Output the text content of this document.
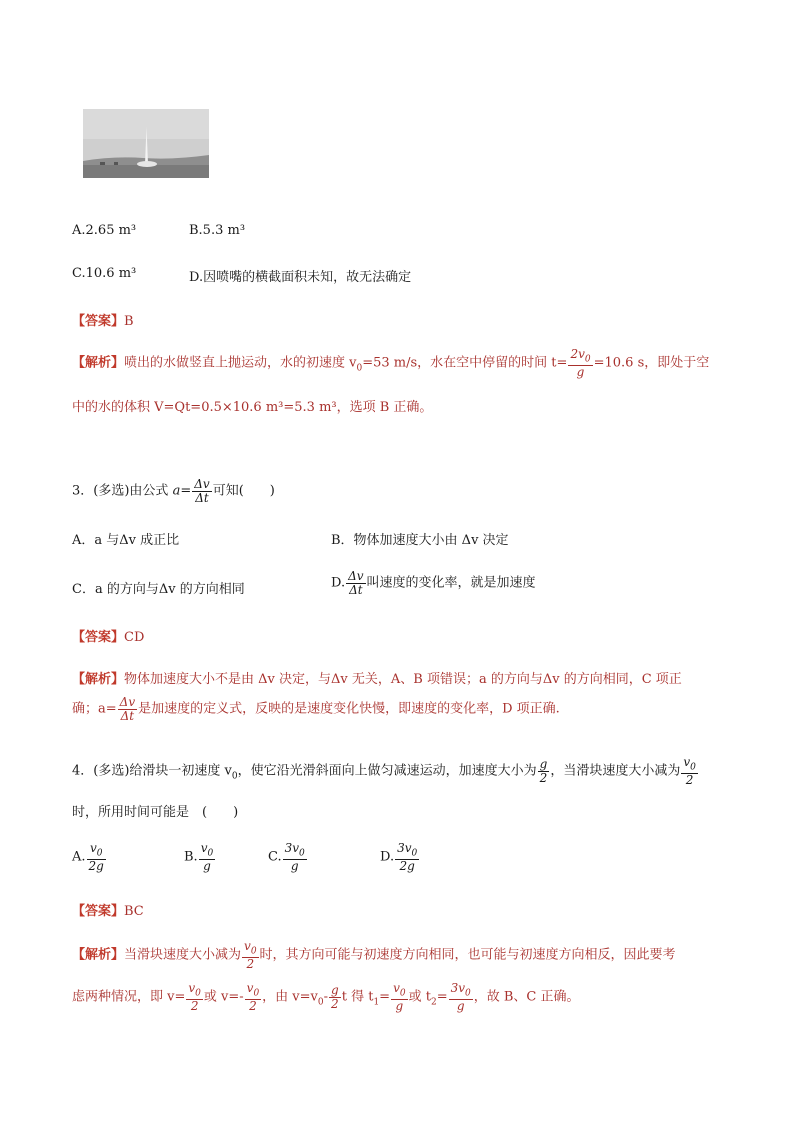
A.2.65 m³	B.5.3 m³
C.10.6 m³	D.因喷嘴的横截面积未知，故无法确定
【答案】B
【解析】喷出的水做竖直上抛运动，水的初速度 $v_0=53$ m/s，水在空中停留的时间 $t= \frac{2v_0}{g} =10.6$ s，即处于空
中的水的体积 V=Qt=0.5×10.6 m³=5.3 m³，选项 B 正确。
3．(多选)由公式 $a= \frac{\Delta v}{\Delta t}$ 可知(　　)
A．a 与Δv 成正比	B．物体加速度大小由 Δv 决定
C．a 的方向与Δv 的方向相同	D. $\frac{\Delta v}{\Delta t}$ 叫速度的变化率，就是加速度
【答案】CD
【解析】物体加速度大小不是由 Δv 决定，与Δv 无关，A、B 项错误；a 的方向与Δv 的方向相同，C 项正
确；$a= \frac{\Delta v}{\Delta t}$ 是加速度的定义式，反映的是速度变化快慢，即速度的变化率，D 项正确.
4．(多选)给滑块一初速度 $v_0$，使它沿光滑斜面向上做匀减速运动，加速度大小为 $\frac{g}{2}$ ，当滑块速度大小减为 $\frac{v_0}{2}$
时，所用时间可能是　(　　)
A. $\frac{v_0}{2g}$	B. $\frac{v_0}{g}$	C. $\frac{3v_0}{g}$	D. $\frac{3v_0}{2g}$
【答案】BC
【解析】当滑块速度大小减为 $\frac{v_0}{2}$ 时，其方向可能与初速度方向相同，也可能与初速度方向相反，因此要考
虑两种情况，即 $v= \frac{v_0}{2}$ 或 $v=- \frac{v_0}{2}$ ，由 $v=v_0- \frac{g}{2}$ t 得 $t_1= \frac{v_0}{g}$ 或 $t_2= \frac{3v_0}{g}$ ，故 B、C 正确。
